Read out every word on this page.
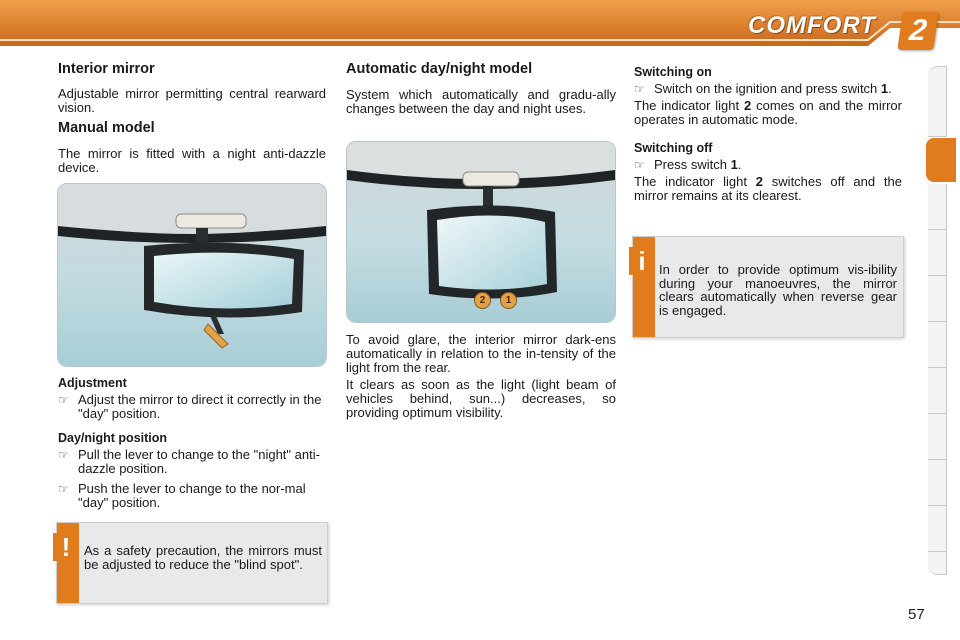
COMFORT	2
Interior mirror

Adjustable mirror permitting central rearward vision.

Manual model

The mirror is fitted with a night anti-dazzle device.

Adjustment
☞ Adjust the mirror to direct it correctly in the "day" position.
Day/night position
☞ Pull the lever to change to the "night" anti-dazzle position.
☞ Push the lever to change to the nor-mal "day" position.
!	As a safety precaution, the mirrors must be adjusted to reduce the "blind spot".
Automatic day/night model

System which automatically and gradu-ally changes between the day and night uses.

2	1

To avoid glare, the interior mirror dark-ens automatically in relation to the in-tensity of the light from the rear.

It clears as soon as the light (light beam of vehicles behind, sun...) decreases, so providing optimum visibility.

Switching on
☞ Switch on the ignition and press switch 1.

The indicator light 2 comes on and the mirror operates in automatic mode.

Switching off
☞ Press switch 1.

The indicator light 2 switches off and the mirror remains at its clearest.

i	In order to provide optimum vis-ibility during your manoeuvres, the mirror clears automatically when reverse gear is engaged.
57
